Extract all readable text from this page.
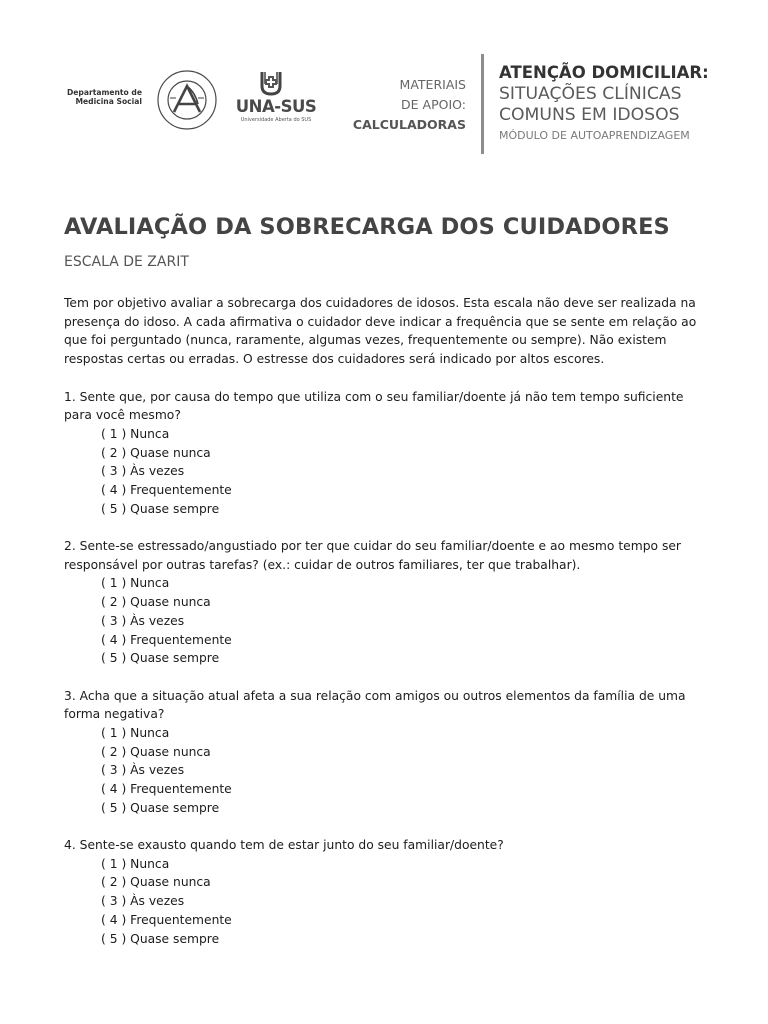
Departamento de Medicina Social	UNA-SUS
Universidade Aberta do SUS
MATERIAIS
DE APOIO:
CALCULADORAS
ATENÇÃO DOMICILIAR:
SITUAÇÕES CLÍNICAS
COMUNS EM IDOSOS
MÓDULO DE AUTOAPRENDIZAGEM
AVALIAÇÃO DA SOBRECARGA DOS CUIDADORES
ESCALA DE ZARIT

Tem por objetivo avaliar a sobrecarga dos cuidadores de idosos. Esta escala não deve ser realizada na presença do idoso. A cada afirmativa o cuidador deve indicar a frequência que se sente em relação ao que foi perguntado (nunca, raramente, algumas vezes, frequentemente ou sempre). Não existem respostas certas ou erradas. O estresse dos cuidadores será indicado por altos escores.

1. Sente que, por causa do tempo que utiliza com o seu familiar/doente já não tem tempo suficiente para você mesmo?

( 1 ) Nunca
( 2 ) Quase nunca
( 3 ) Às vezes
( 4 ) Frequentemente
( 5 ) Quase sempre

2. Sente-se estressado/angustiado por ter que cuidar do seu familiar/doente e ao mesmo tempo ser responsável por outras tarefas? (ex.: cuidar de outros familiares, ter que trabalhar).

( 1 ) Nunca
( 2 ) Quase nunca
( 3 ) Às vezes
( 4 ) Frequentemente
( 5 ) Quase sempre

3. Acha que a situação atual afeta a sua relação com amigos ou outros elementos da família de uma forma negativa?

( 1 ) Nunca
( 2 ) Quase nunca
( 3 ) Às vezes
( 4 ) Frequentemente
( 5 ) Quase sempre

4. Sente-se exausto quando tem de estar junto do seu familiar/doente?

( 1 ) Nunca
( 2 ) Quase nunca
( 3 ) Às vezes
( 4 ) Frequentemente
( 5 ) Quase sempre
